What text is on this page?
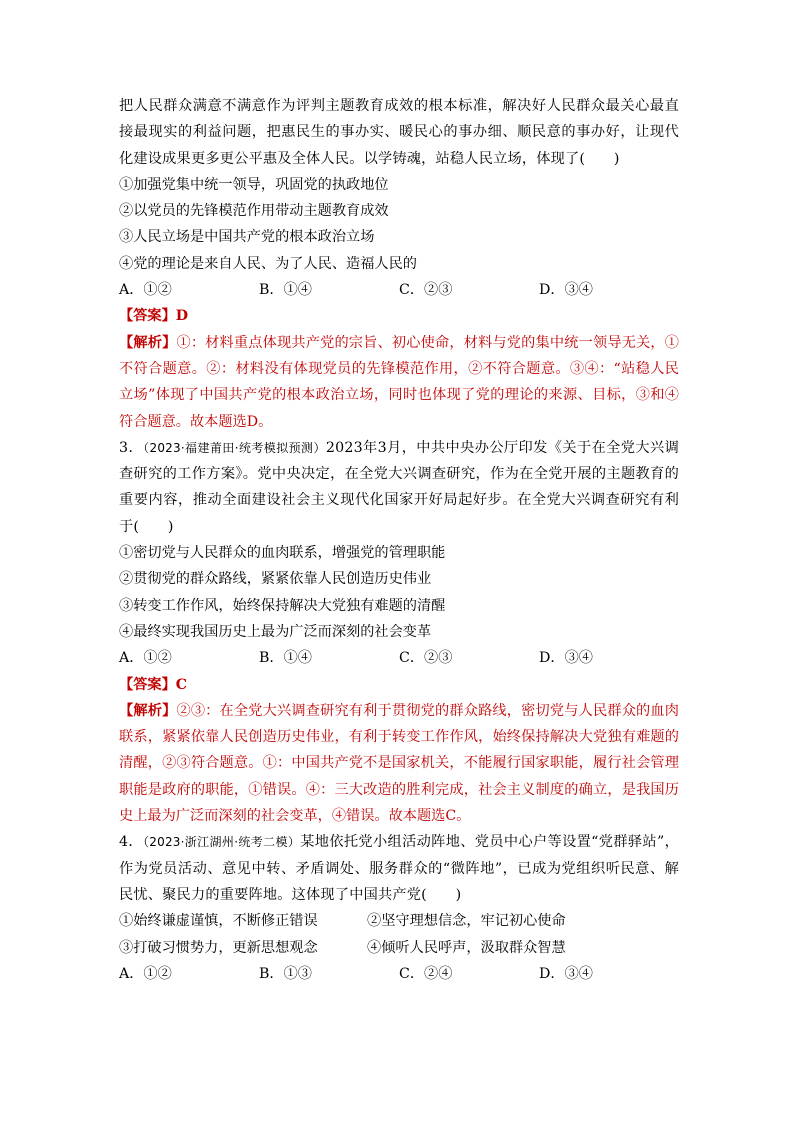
把人民群众满意不满意作为评判主题教育成效的根本标准，解决好人民群众最关心最直接最现实的利益问题，把惠民生的事办实、暖民心的事办细、顺民意的事办好，让现代化建设成果更多更公平惠及全体人民。以学铸魂，站稳人民立场，体现了(　　)

①加强党集中统一领导，巩固党的执政地位

②以党员的先锋模范作用带动主题教育成效

③人民立场是中国共产党的根本政治立场

④党的理论是来自人民、为了人民、造福人民的

A．①②	B．①④	C．②③	D．③④

【答案】D

【解析】①：材料重点体现共产党的宗旨、初心使命，材料与党的集中统一领导无关，①不符合题意。②：材料没有体现党员的先锋模范作用，②不符合题意。③④：“站稳人民立场”体现了中国共产党的根本政治立场，同时也体现了党的理论的来源、目标，③和④符合题意。故本题选D。

3．（2023·福建莆田·统考模拟预测）2023年3月，中共中央办公厅印发《关于在全党大兴调查研究的工作方案》。党中央决定，在全党大兴调查研究，作为在全党开展的主题教育的重要内容，推动全面建设社会主义现代化国家开好局起好步。在全党大兴调查研究有利于(　　)

①密切党与人民群众的血肉联系，增强党的管理职能

②贯彻党的群众路线，紧紧依靠人民创造历史伟业

③转变工作作风，始终保持解决大党独有难题的清醒

④最终实现我国历史上最为广泛而深刻的社会变革

A．①②	B．①④	C．②③	D．③④

【答案】C

【解析】②③：在全党大兴调查研究有利于贯彻党的群众路线，密切党与人民群众的血肉联系，紧紧依靠人民创造历史伟业，有利于转变工作作风，始终保持解决大党独有难题的清醒，②③符合题意。①：中国共产党不是国家机关，不能履行国家职能，履行社会管理职能是政府的职能，①错误。④：三大改造的胜利完成，社会主义制度的确立，是我国历史上最为广泛而深刻的社会变革，④错误。故本题选C。

4．（2023·浙江湖州·统考二模）某地依托党小组活动阵地、党员中心户等设置“党群驿站”，作为党员活动、意见中转、矛盾调处、服务群众的“微阵地”，已成为党组织听民意、解民忧、聚民力的重要阵地。这体现了中国共产党(　　)

①始终谦虚谨慎，不断修正错误	②坚守理想信念，牢记初心使命
③打破习惯势力，更新思想观念	④倾听人民呼声，汲取群众智慧
A．①②	B．①③	C．②④	D．③④
